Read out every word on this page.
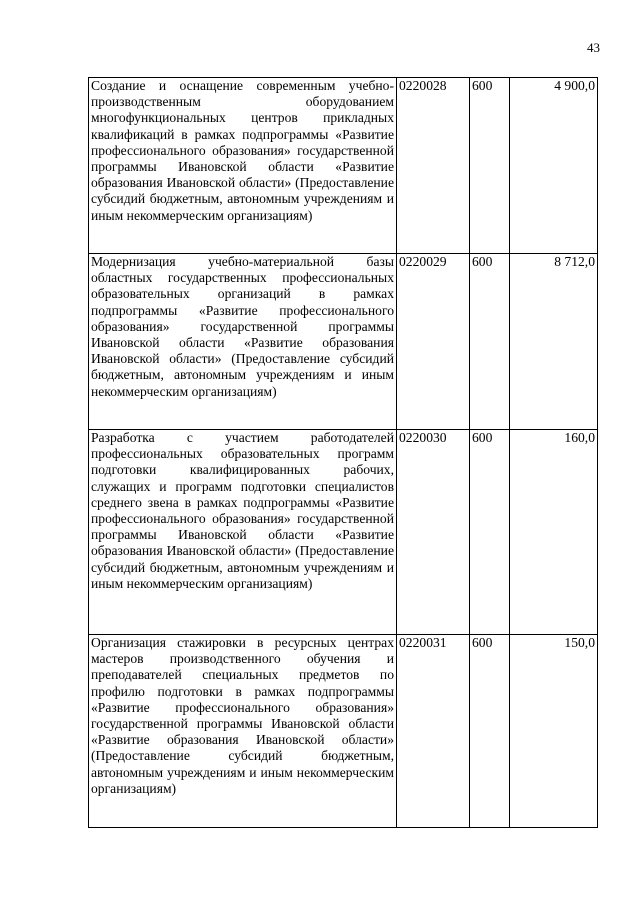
43
Создание и оснащение современным учебно-производственным оборудованием многофункциональных центров прикладных квалификаций в рамках подпрограммы «Развитие профессионального образования» государственной программы Ивановской области «Развитие образования Ивановской области» (Предоставление субсидий бюджетным, автономным учреждениям и иным некоммерческим организациям)	0220028	600	4 900,0
Модернизация учебно-материальной базы областных государственных профессиональных образовательных организаций в рамках подпрограммы «Развитие профессионального образования» государственной программы Ивановской области «Развитие образования Ивановской области» (Предоставление субсидий бюджетным, автономным учреждениям и иным некоммерческим организациям)	0220029	600	8 712,0
Разработка с участием работодателей профессиональных образовательных программ подготовки квалифицированных рабочих, служащих и программ подготовки специалистов среднего звена в рамках подпрограммы «Развитие профессионального образования» государственной программы Ивановской области «Развитие образования Ивановской области» (Предоставление субсидий бюджетным, автономным учреждениям и иным некоммерческим организациям)	0220030	600	160,0
Организация стажировки в ресурсных центрах мастеров производственного обучения и преподавателей специальных предметов по профилю подготовки в рамках подпрограммы «Развитие профессионального образования» государственной программы Ивановской области «Развитие образования Ивановской области» (Предоставление субсидий бюджетным, автономным учреждениям и иным некоммерческим организациям)	0220031	600	150,0
